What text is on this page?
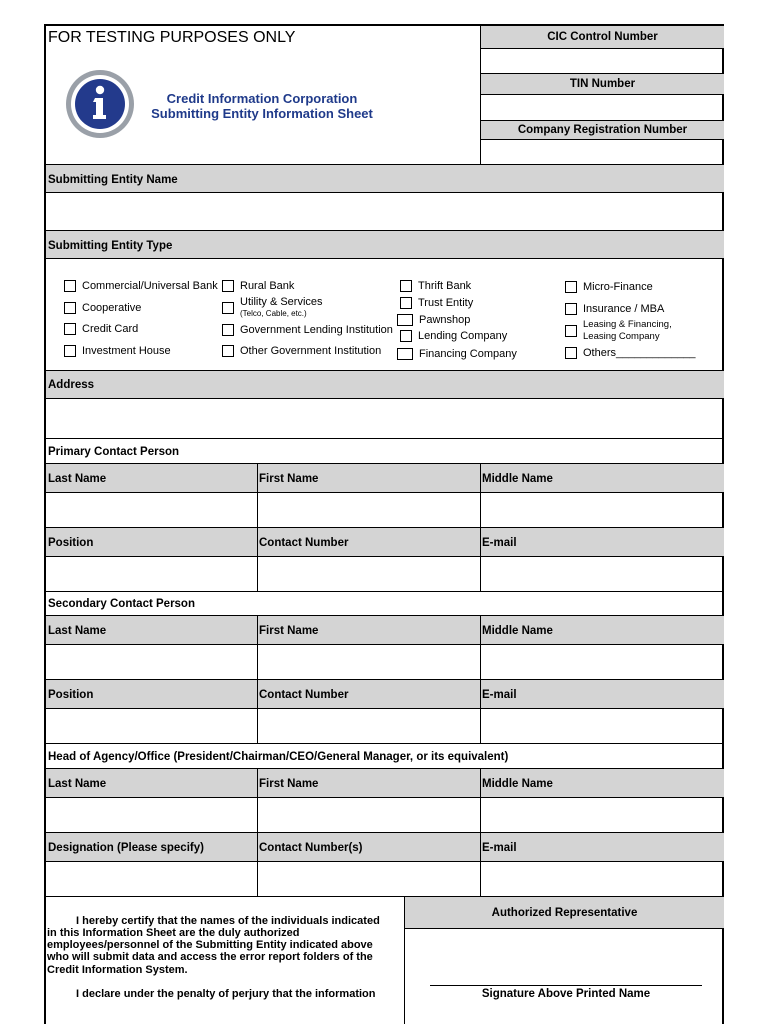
FOR TESTING PURPOSES ONLY
Credit Information Corporation
Submitting Entity Information Sheet
CIC Control Number
TIN Number
Company Registration Number
Submitting Entity Name
Submitting Entity Type
Commercial/Universal Bank
Cooperative
Credit Card
Investment House
Rural Bank
Utility & Services
(Telco, Cable, etc.)
Government Lending Institution
Other Government Institution
Thrift Bank
Trust Entity
Pawnshop
Lending Company
Financing Company
Micro-Finance
Insurance / MBA
Leasing & Financing,
Leasing Company
Others_____________
Address
Primary Contact Person
Last Name	First Name	Middle Name
Position	Contact Number	E-mail
Secondary Contact Person
Last Name	First Name	Middle Name
Position	Contact Number	E-mail
Head of Agency/Office (President/Chairman/CEO/General Manager, or its equivalent)
Last Name	First Name	Middle Name
Designation (Please specify)	Contact Number(s)	E-mail
I hereby certify that the names of the individuals indicated
in this Information Sheet are the duly authorized
employees/personnel of the Submitting Entity indicated above
who will submit data and access the error report folders of the
Credit Information System.
I declare under the penalty of perjury that the information
Authorized Representative
Signature Above Printed Name
